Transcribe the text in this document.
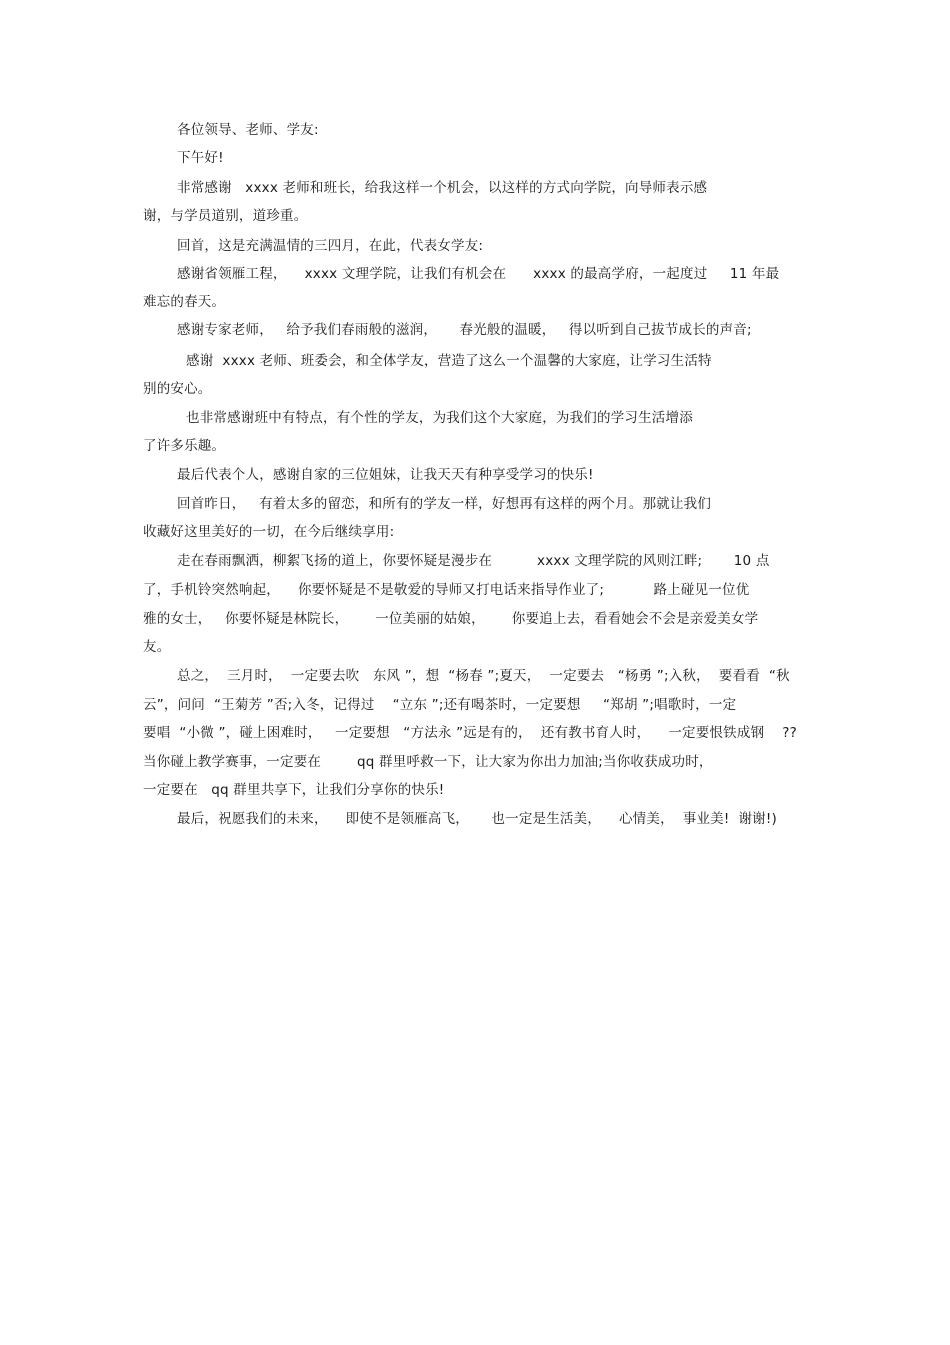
各位领导、老师、学友:
下午好!
非常感谢   xxxx 老师和班长，给我这样一个机会，以这样的方式向学院，向导师表示感
谢，与学员道别，道珍重。
回首，这是充满温情的三四月，在此，代表女学友:
感谢省领雁工程，    xxxx 文理学院，让我们有机会在      xxxx 的最高学府，一起度过     11 年最
难忘的春天。
感谢专家老师，   给予我们春雨般的滋润，     春光般的温暖，   得以听到自己拔节成长的声音;
感谢  xxxx 老师、班委会，和全体学友，营造了这么一个温馨的大家庭，让学习生活特
别的安心。
也非常感谢班中有特点，有个性的学友，为我们这个大家庭，为我们的学习生活增添
了许多乐趣。
最后代表个人，感谢自家的三位姐妹，让我天天有种享受学习的快乐!
回首昨日，   有着太多的留恋，和所有的学友一样，好想再有这样的两个月。那就让我们
收藏好这里美好的一切，在今后继续享用:
走在春雨飘洒，柳絮飞扬的道上，你要怀疑是漫步在          xxxx 文理学院的风则江畔;       10 点
了，手机铃突然响起，    你要怀疑是不是敬爱的导师又打电话来指导作业了;           路上碰见一位优
雅的女士，   你要怀疑是林院长，      一位美丽的姑娘，      你要追上去，看看她会不会是亲爱美女学
友。
总之，  三月时，  一定要去吹   东风 ”，想  “杨春 ”;夏天，  一定要去   “杨勇 ”;入秋，  要看看  “秋
云”，问问  “王菊芳 ”否;入冬，记得过    “立东 ”;还有喝茶时，一定要想     “郑胡 ”;唱歌时，一定
要唱  “小微 ”，碰上困难时，   一定要想   “方法永 ”远是有的，  还有教书育人时，    一定要恨铁成钢    ??
当你碰上教学赛事，一定要在        qq 群里呼救一下，让大家为你出力加油;当你收获成功时，
一定要在   qq 群里共享下，让我们分享你的快乐!
最后，祝愿我们的未来，    即使不是领雁高飞，     也一定是生活美，    心情美，  事业美!  谢谢!)
